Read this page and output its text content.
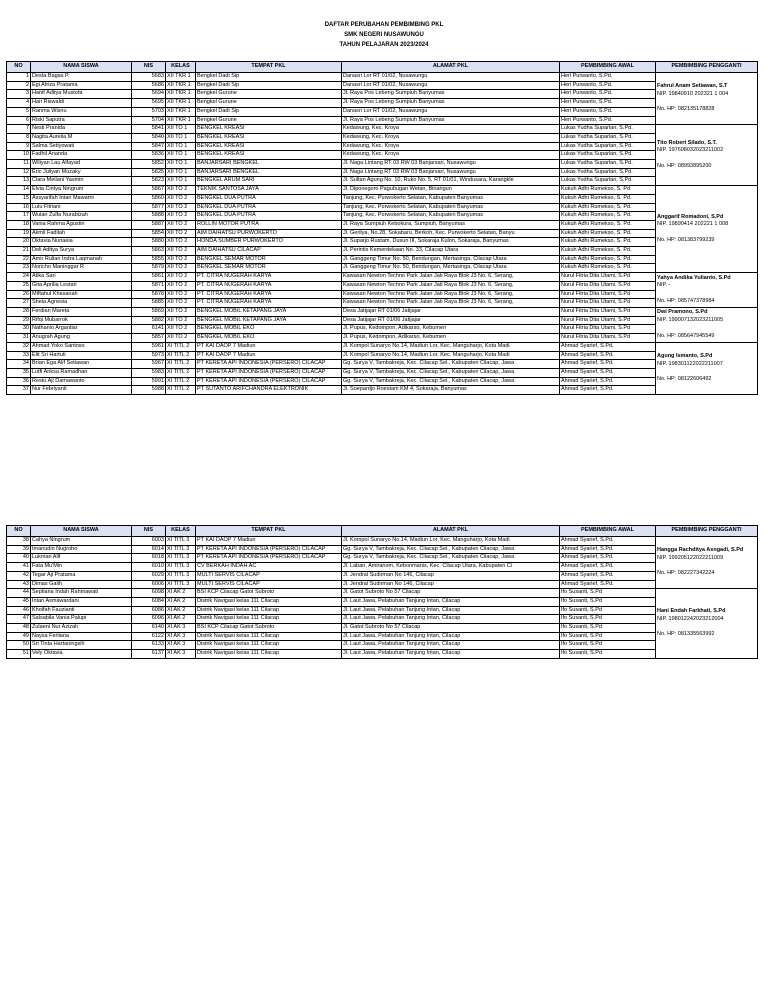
DAFTAR PERUBAHAN PEMBIMBING PKL
SMK NEGERI NUSAWUNGU
TAHUN PELAJARAN 2023/2024
NO	NAMA SISWA	NIS	KELAS	TEMPAT PKL	ALAMAT PKL	PEMBIMBING AWAL	PEMBIMBING PENGGANTI
1	Desta Bagas P.	5683	XII TKR 1	Bengkel Dadi Sip	Danasri Lor RT 01/02, Nusawungu	Heri Purwanto, S.Pd.	Fahrul Anam Setiawan, S.T
NIP. 19840910 202321 1 004
No. HP: 082135178828

2	Egi Afriza Pratama	5686	XII TKR 1	Bengkel Dadi Sip	Danasri Lor RT 01/02, Nusawungu	Heri Purwanto, S.Pd.	
3	Hanif Aditya Mustofa	5694	XII TKR 1	Bengkel Gurune	Jl. Raya Pos Lebeng Sumpiuh Banyumas	Heri Purwanto, S.Pd.	
4	Hari Riswaldi	5695	XII TKR 1	Bengkel Gurune	Jl. Raya Pos Lebeng Sumpiuh Banyumas	Heri Purwanto, S.Pd.	
5	Ranma Wisnu	5703	XII TKR 1	Bengkel Dadi Sip	Danasri Lor RT 01/02, Nusawungu	Heri Purwanto, S.Pd.	
6	Riski Saputra	5704	XII TKR 1	Bengkel Gurune	Jl. Raya Pos Lebeng Sumpiuh Banyumas	Heri Purwanto, S.Pd.	
7	Nesti Pranida	5841	XII TO 1	BENGKEL KREASI	Kedawung, Kec. Kroya	Lukas Yudha Suparlan, S.Pd.	Tito Robert Silado, S.T.
NIP. 197608032023211002
No. HP: 08993895200

8	Nagita Aurelia M	5840	XII TO 1	BENGKEL KREASI	Kedawung, Kec. Kroya	Lukas Yudha Suparlan, S.Pd.	
9	Salma Setiyowati	5847	XII TO 1	BENGKEL KREASI	Kedawung, Kec. Kroya	Lukas Yudha Suparlan, S.Pd.	
10	Fadhil Ananda	5836	XII TO 1	BENGKEL KREASI	Kedawung, Kec. Kroya	Lukas Yudha Suparlan, S.Pd.	
11	Wiliyan Lau Alfayad	5852	XII TO 1	BANJARSARI BENGKEL	Jl. Naga Lintang RT 03 RW 03 Banjarsari, Nusawungu	Lukas Yudha Suparlan, S.Pd.	
12	Eric Juliyan Muzaky	5825	XII TO 1	BANJARSARI BENGKEL	Jl. Naga Lintang RT 03 RW 03 Banjarsari, Nusawungu	Lukas Yudha Suparlan, S.Pd.	
13	Clara Meilani Yasmin	5823	XII TO 1	BENGKEL ARUM SARI	Jl. Sultan Agung No. 10, Ruko No. 5, RT 01/01, Windusara, Karangkle	Lukas Yudha Suparlan, S.Pd.	
14	Elvia Cintya Ningrum	5867	XII TO 2	TEKNIK SANTOSA JAYA	Jl. Diponegoro Pagubugan Wetan, Binangun	Kukuh Adhi Rumekso, S. Pd	Anggarif Romadoni, S.Pd
NIP. 19890414 202221 1 008
No. HP: 081383799239

15	Assyarifah Intan Mawarni	5860	XII TO 2	BENGKEL DUA PUTRA	Tanjung, Kec. Purwokerto Selatan, Kabupaten Banyumas	Kukuh Adhi Rumekso, S. Pd.	
16	Lulu Fitriani	5877	XII TO 2	BENGKEL DUA PUTRA	Tanjung, Kec. Purwokerto Selatan, Kabupaten Banyumas	Kukuh Adhi Rumekso, S. Pd.	
17	Wulan Zulfa Nurabizah	5888	XII TO 2	BENGKEL DUA PUTRA	Tanjung, Kec. Purwokerto Selatan, Kabupaten Banyumas	Kukuh Adhi Rumekso, S. Pd.	
18	Vania Rahma Agustin	5887	XII TO 2	ROLLIN MOTOR PUTRA	Jl. Raya Sumpiuh Kebokura, Sumpiuh, Banyumas	Kukuh Adhi Rumekso, S. Pd.	
19	Akmil Fadilah	5854	XII TO 2	AIM DAIHATSU PURWOKERTO	Jl. Gerilya, No.28, Sokabaru, Berkoh, Kec. Purwokerto Selatan, Banyu	Kukuh Adhi Rumekso, S. Pd.	
20	Oktavia Nuriaeia	5880	XII TO 2	HONDA SUMBER PURWOKERTO	Jl. Suparjo Rustam, Dusun III, Sokaraja Kulon, Sokaraja, Banyumas	Kukuh Adhi Rumekso, S. Pd.	
21	Deli Aditya Surya	5863	XII TO 2	AIM DAIHATSU CILACAP	Jl. Perintis Kemerdekaan No. 33, Cilacap Utara	Kukuh Adhi Rumekso, S. Pd.	
22	Amir Rulian Indra Laqmanah	5855	XII TO 2	BENGKEL SEMAR MOTOR	Jl. Ganggeng Timur No. 50, Bendungan, Mertasinga, Cilacap Utara	Kukuh Adhi Rumekso, S. Pd.	
23	Noricho Maninggar R	5879	XII TO 2	BENGKEL SEMAR MOTOR	Jl. Ganggeng Timur No. 50, Bendungan, Mertasinga, Cilacap Utara	Kukuh Adhi Rumekso, S. Pd.	
24	Atika Sari	5861	XII TO 2	PT. CITRA NUGERAH KARYA	Kawasan Newton Techno Park Jalan Jati Raya Blok J3 No. 6, Serang,	Nurul Fitria Dita Utami, S.Pd	Yahya Andika Yulianto, S.Pd
NIP. -
No. HP: 085747378984

25	Gita Aprilia Lestari	5871	XII TO 2	PT. CITRA NUGERAH KARYA	Kawasan Newton Techno Park Jalan Jati Raya Blok J3 No. 6, Serang,	Nurul Fitria Dita Utami, S.Pd	
26	Miftahul Khasanah	5878	XII TO 2	PT. CITRA NUGERAH KARYA	Kawasan Newton Techno Park Jalan Jati Raya Blok J3 No. 6, Serang,	Nurul Fitria Dita Utami, S.Pd	
27	Sheia Agnesia	5885	XII TO 2	PT. CITRA NUGERAH KARYA	Kawasan Newton Techno Park Jalan Jati Raya Blok J3 No. 6, Serang,	Nurul Fitria Dita Utami, S.Pd	
28	Ferdian Mareta	5869	XII TO 2	BENGKEL MOBIL KETAPANG JAYA	Desa Jatijajar RT 01/06 Jatijajar	Nurul Fitria Dita Utami, S.Pd	Dwi Pramono, S.Pd
NIP. 199007132023211005
No. HP: 085647945549

29	Rifqi Mubarrok	5882	XII TO 2	BENGKEL MOBIL KETAPANG JAYA	Desa Jatijajar RT 01/06 Jatijajar	Nurul Fitria Dita Utami, S.Pd	
30	Nathanio Argantiar	6141	XII TO 2	BENGKEL MOBIL EKO	Jl. Pupus, Kedompon, Adikarso, Kebumen	Nurul Fitria Dita Utami, S.Pd	
31	Anugrah Agung	5857	XII TO 2	BENGKEL MOBIL EKO	Jl. Pupus, Kedompon, Adikarso, Kebumen	Nurul Fitria Dita Utami, S.Pd	
32	Ahmad Yoko Santoso	5961	XI TITL 2	PT KAI DAOP 7 Madiun	Jl. Kompol Sunaryo No.14, Madiun Lor, Kec. Manguharjo, Kota Madi	Ahmad Syarief, S.Pd.	Agung Ismanto, S.Pd
NIP. 198301122022211007
No. HP: 08122606492

33	Elit Sri Hartuti	5973	XI TITL 2	PT KAI DAOP 7 Madiun	Jl. Kompol Sunaryo No.14, Madiun Lor, Kec. Manguharjo, Kota Madi	Ahmad Syarief, S.Pd.	
34	Brian Ega Alif Setiawan	5967	XI TITL 2	PT KERETA API INDONESIA (PERSERO) CILACAP	Gg. Surya V, Tambakreja, Kec. Cilacap Sel., Kabupaten Cilacap, Jawa	Ahmad Syarief, S.Pd.	
35	Lutfi Anksa Ramadhan	5983	XI TITL 2	PT KERETA API INDONESIA (PERSERO) CILACAP	Gg. Surya V, Tambakreja, Kec. Cilacap Sel., Kabupaten Cilacap, Jawa	Ahmad Syarief, S.Pd.	
36	Restu Aji Damawanto	5991	XI TITL 2	PT KERETA API INDONESIA (PERSERO) CILACAP	Gg. Surya V, Tambakreja, Kec. Cilacap Sel., Kabupaten Cilacap, Jawa	Ahmad Syarief, S.Pd.	
37	Nur Febriyanti	5988	XI TITL 2	PT SUTANTO ARIFCHANDRA ELEKTRONIK	Jl. Soepardjo Roestam KM 4, Sokaraja, Banyumas	Ahmad Syarief, S.Pd.	
NO	NAMA SISWA	NIS	KELAS	TEMPAT PKL	ALAMAT PKL	PEMBIMBING AWAL	PEMBIMBING PENGGANTI
38	Cahya Ningrum	6003	XI TITL 3	PT KAI DAOP 7 Madiun	Jl. Kompol Sunaryo No.14, Madiun Lor, Kec. Manguharjo, Kota Madi	Ahmad Syarief, S.Pd.	Hangga Rachditya Asngadi, S.Pd
NIP. 199205122022211009
No. HP: 082227342224

39	Imanudin Nugroho	6014	XI TITL 3	PT KERETA API INDONESIA (PERSERO) CILACAP	Gg. Surya V, Tambakreja, Kec. Cilacap Sel., Kabupaten Cilacap, Jawa	Ahmad Syarief, S.Pd.	
40	Lukman Alif	6018	XI TITL 3	PT KERETA API INDONESIA (PERSERO) CILACAP	Gg. Surya V, Tambakreja, Kec. Cilacap Sel., Kabupaten Cilacap, Jawa	Ahmad Syarief, S.Pd.	
41	Fata Mu'Min	6010	XI TITL 3	CV BERKAH INDAH AC	Jl. Laban, Amiranom, Kebonmanis, Kec. Cilacap Utara, Kabupaten Ci	Ahmad Syarief, S.Pd.	
42	Tegar Aji Pratama	6029	XI TITL 3	MULTI SERVIS CILACAP	Jl. Jendral Sudirman No 146, Cilacap	Ahmad Syarief, S.Pd.	
43	Dimas Galih	6006	XI TITL 3	MULTI SERVIS CILACAP	Jl. Jendral Sudirman No 146, Cilacap	Ahmad Syarief, S.Pd.	
44	Septiana Indah Rahmawati	6098	XI AK 2	BSI KCP Cilacap Gatot Subroto	Jl. Gatot Subroto No 57 Cilacap	Ifo Susanti, S.Pd	Hani Endah Farkhati, S.Pd
NIP. 198012242023212004
No. HP: 081335563992

45	Intan Asmawardani	6084	XI AK 2	Distrik Navigasi kelas 111 Cilacap	Jl. Laut Jawa, Pelabuhan Tanjung Intan, Cilacap	Ifo Susanti, S.Pd	
46	Khoifah Fauzianti	6086	XI AK 2	Distrik Navigasi kelas 111 Cilacap	Jl. Laut Jawa, Pelabuhan Tanjung Intan, Cilacap	Ifo Susanti, S.Pd	
47	Salsabila Vania Palupi	6096	XI AK 2	Distrik Navigasi kelas 111 Cilacap	Jl. Laut Jawa, Pelabuhan Tanjung Intan, Cilacap	Ifo Susanti, S.Pd	
48	Zulaeni Nur Azizah	6140	XI AK 3	BSI KCP Cilacap Gatot Subroto	Jl. Gatot Subroto No 57 Cilacap	Ifo Susanti, S.Pd	
49	Naysa Ferliana	6122	XI AK 3	Distrik Navigasi kelas 111 Cilacap	Jl. Laut Jawa, Pelabuhan Tanjung Intan, Cilacap	Ifo Susanti, S.Pd	
50	Sri Tinta Hartaningsih	6133	XI AK 3	Distrik Navigasi kelas 111 Cilacap	Jl. Laut Jawa, Pelabuhan Tanjung Intan, Cilacap	Ifo Susanti, S.Pd	
51	Vely Oktavia	6137	XI AK 3	Distrik Navigasi kelas 111 Cilacap	Jl. Laut Jawa, Pelabuhan Tanjung Intan, Cilacap	Ifo Susanti, S.Pd	
